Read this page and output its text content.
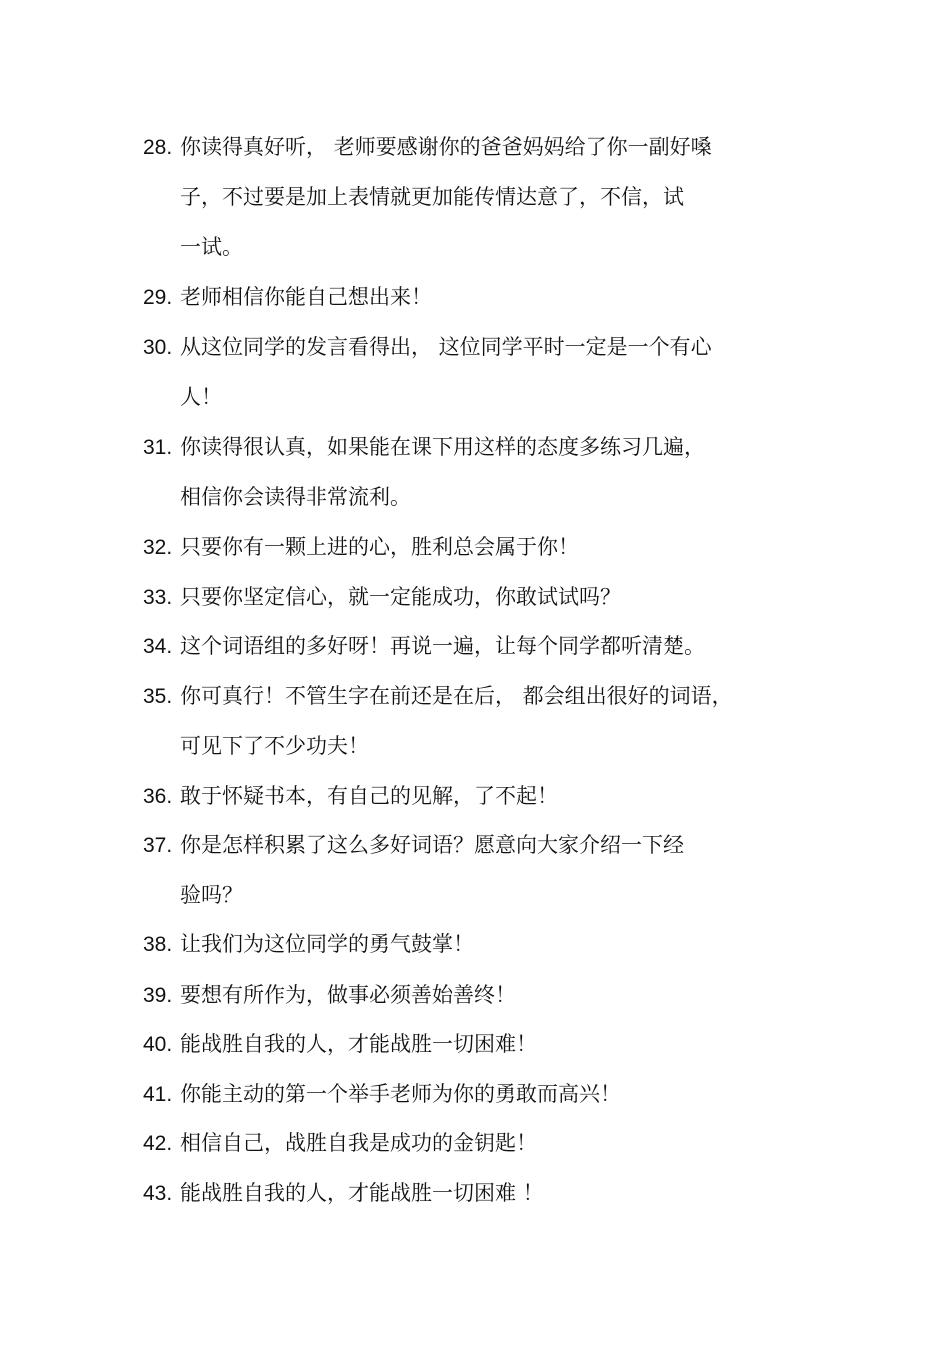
28. 你读得真好听， 老师要感谢你的爸爸妈妈给了你一副好嗓
子，不过要是加上表情就更加能传情达意了，不信，试
一试。
29. 老师相信你能自己想出来！
30. 从这位同学的发言看得出， 这位同学平时一定是一个有心
人！
31. 你读得很认真，如果能在课下用这样的态度多练习几遍，
相信你会读得非常流利。
32. 只要你有一颗上进的心，胜利总会属于你！
33. 只要你坚定信心，就一定能成功，你敢试试吗？
34. 这个词语组的多好呀！再说一遍，让每个同学都听清楚。
35. 你可真行！不管生字在前还是在后， 都会组出很好的词语，
可见下了不少功夫！
36. 敢于怀疑书本，有自己的见解，了不起！
37. 你是怎样积累了这么多好词语？愿意向大家介绍一下经
验吗？
38. 让我们为这位同学的勇气鼓掌！
39. 要想有所作为，做事必须善始善终！
40. 能战胜自我的人，才能战胜一切困难！
41. 你能主动的第一个举手老师为你的勇敢而高兴！
42. 相信自己，战胜自我是成功的金钥匙！
43. 能战胜自我的人，才能战胜一切困难 ！
